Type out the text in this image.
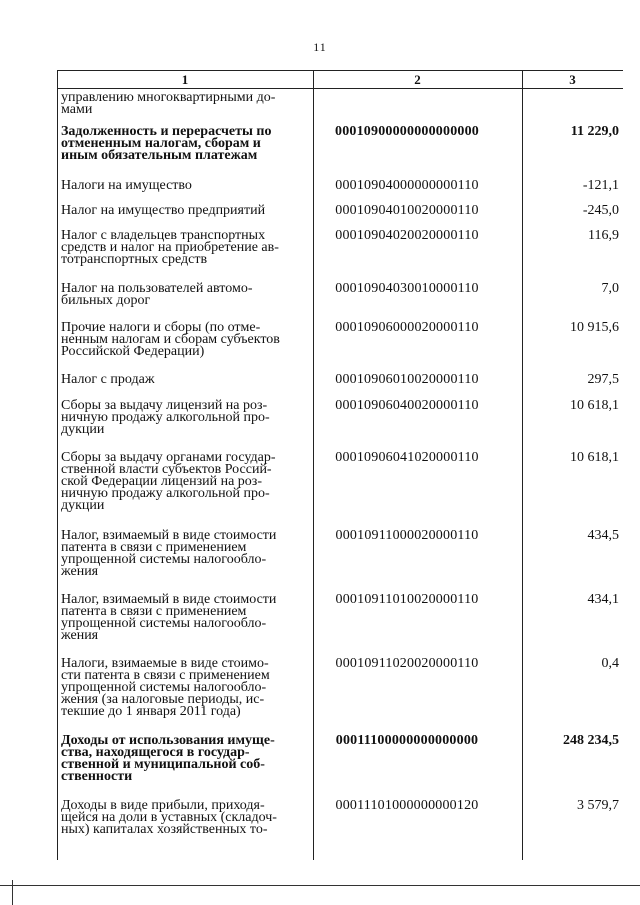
11
1	2	3
управлению многоквартирными до-
мами
Задолженность и перерасчеты по
отмененным налогам, сборам и
иным обязательным платежам
00010900000000000000	11 229,0
Налоги на имущество	00010904000000000110	-121,1
Налог на имущество предприятий	00010904010020000110	-245,0
Налог с владельцев транспортных
средств и налог на приобретение ав-
тотранспортных средств
00010904020020000110	116,9
Налог на пользователей автомо-
бильных дорог
00010904030010000110	7,0
Прочие налоги и сборы (по отме-
ненным налогам и сборам субъектов
Российской Федерации)
00010906000020000110	10 915,6
Налог с продаж	00010906010020000110	297,5
Сборы за выдачу лицензий на роз-
ничную продажу алкогольной про-
дукции
00010906040020000110	10 618,1
Сборы за выдачу органами государ-
ственной власти субъектов Россий-
ской Федерации лицензий на роз-
ничную продажу алкогольной про-
дукции
00010906041020000110	10 618,1
Налог, взимаемый в виде стоимости
патента в связи с применением
упрощенной системы налогообло-
жения
00010911000020000110	434,5
Налог, взимаемый в виде стоимости
патента в связи с применением
упрощенной системы налогообло-
жения
00010911010020000110	434,1
Налоги, взимаемые в виде стоимо-
сти патента в связи с применением
упрощенной системы налогообло-
жения (за налоговые периоды, ис-
текшие до 1 января 2011 года)
00010911020020000110	0,4
Доходы от использования имуще-
ства, находящегося в государ-
ственной и муниципальной соб-
ственности
00011100000000000000	248 234,5
Доходы в виде прибыли, приходя-
щейся на доли в уставных (складоч-
ных) капиталах хозяйственных то-
00011101000000000120	3 579,7
